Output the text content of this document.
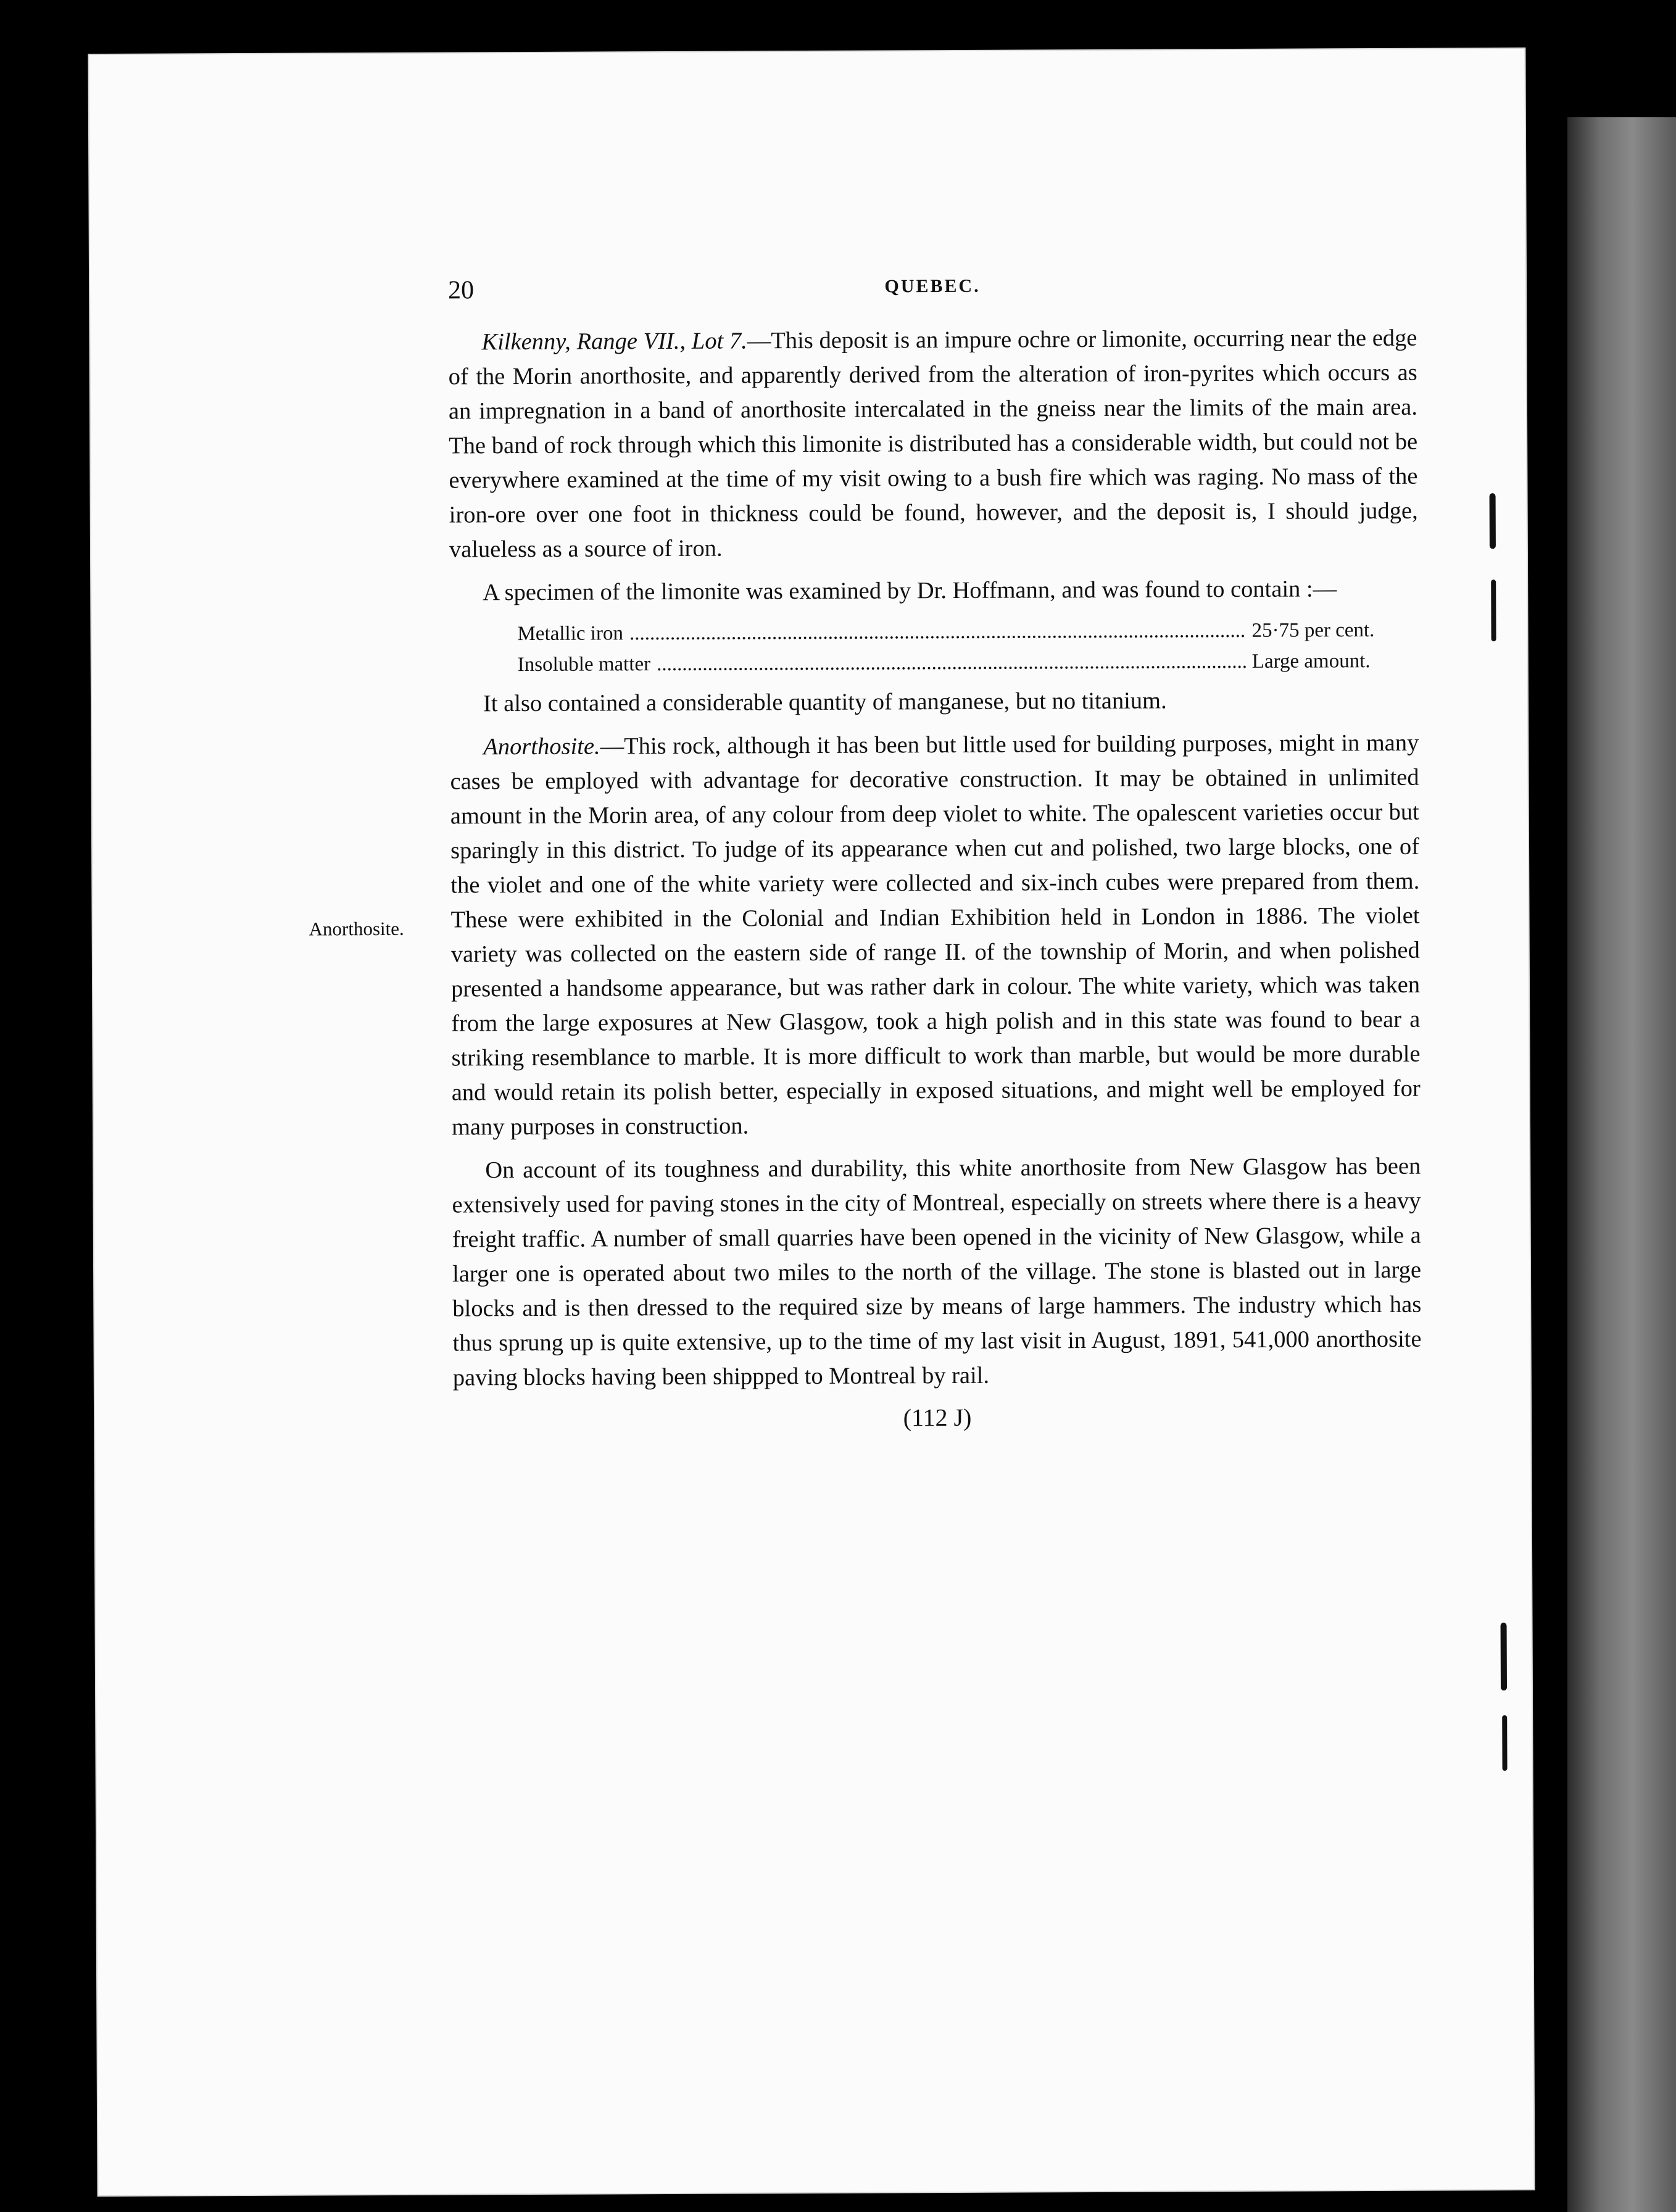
20	QUEBEC.
Anorthosite.

Kilkenny, Range VII., Lot 7.—This deposit is an impure ochre or limonite, occurring near the edge of the Morin anorthosite, and apparently derived from the alteration of iron-pyrites which occurs as an impregnation in a band of anorthosite intercalated in the gneiss near the limits of the main area. The band of rock through which this limonite is distributed has a considerable width, but could not be everywhere examined at the time of my visit owing to a bush fire which was raging. No mass of the iron-ore over one foot in thickness could be found, however, and the deposit is, I should judge, valueless as a source of iron.

A specimen of the limonite was examined by Dr. Hoffmann, and was found to contain :—

Metallic iron .....	25·75 per cent.
Insoluble matter .....	Large amount.

It also contained a considerable quantity of manganese, but no titanium.

Anorthosite.—This rock, although it has been but little used for building purposes, might in many cases be employed with advantage for decorative construction. It may be obtained in unlimited amount in the Morin area, of any colour from deep violet to white. The opalescent varieties occur but sparingly in this district. To judge of its appearance when cut and polished, two large blocks, one of the violet and one of the white variety were collected and six-inch cubes were prepared from them. These were exhibited in the Colonial and Indian Exhibition held in London in 1886. The violet variety was collected on the eastern side of range II. of the township of Morin, and when polished presented a handsome appearance, but was rather dark in colour. The white variety, which was taken from the large exposures at New Glasgow, took a high polish and in this state was found to bear a striking resemblance to marble. It is more difficult to work than marble, but would be more durable and would retain its polish better, especially in exposed situations, and might well be employed for many purposes in construction.

On account of its toughness and durability, this white anorthosite from New Glasgow has been extensively used for paving stones in the city of Montreal, especially on streets where there is a heavy freight traffic. A number of small quarries have been opened in the vicinity of New Glasgow, while a larger one is operated about two miles to the north of the village. The stone is blasted out in large blocks and is then dressed to the required size by means of large hammers. The industry which has thus sprung up is quite extensive, up to the time of my last visit in August, 1891, 541,000 anorthosite paving blocks having been shippped to Montreal by rail.

(112 J)
